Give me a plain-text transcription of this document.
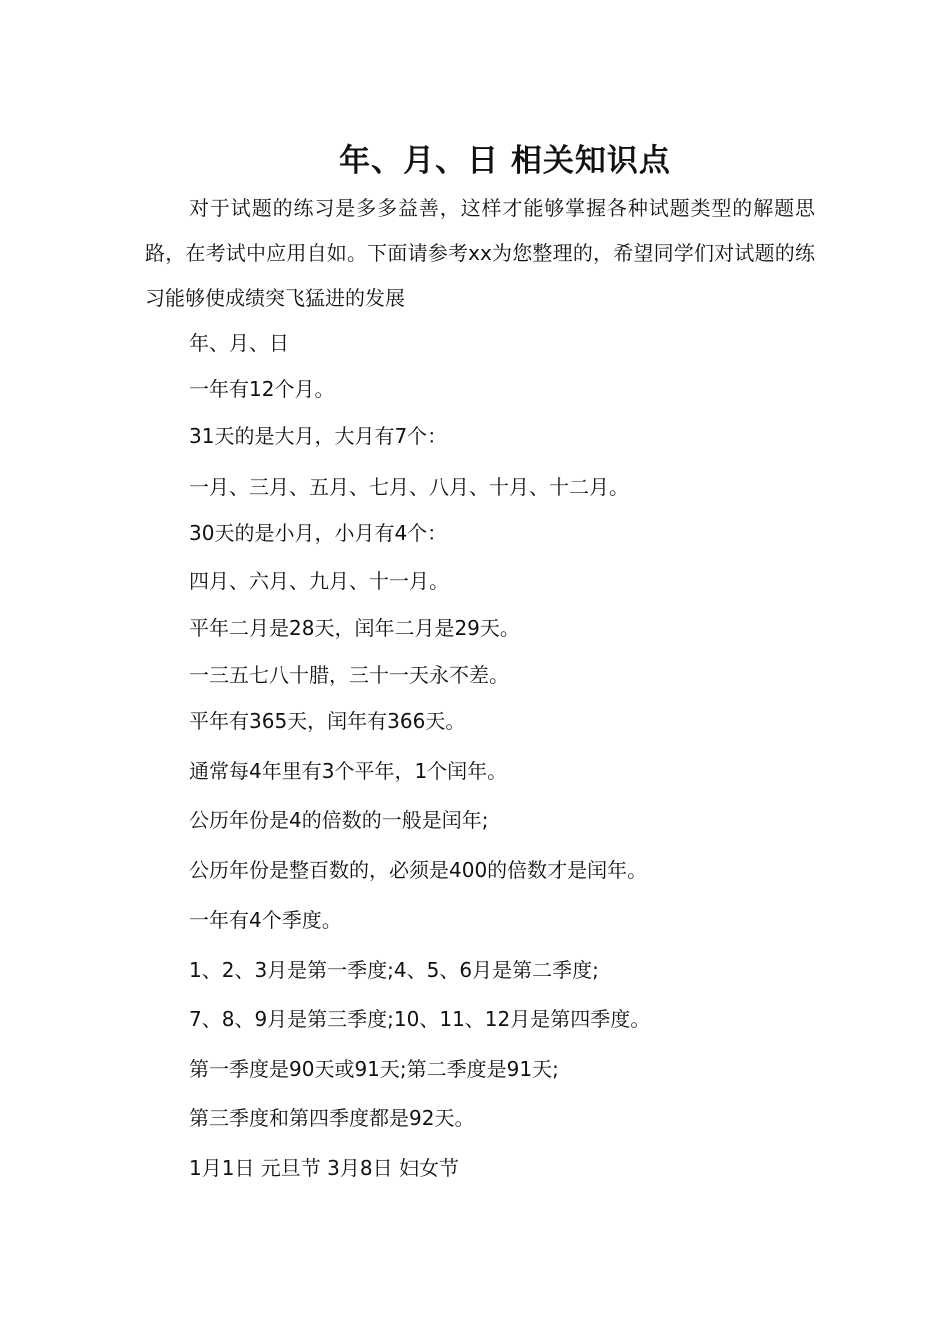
年、月、日 相关知识点

对于试题的练习是多多益善，这样才能够掌握各种试题类型的解题思路，在考试中应用自如。下面请参考xx为您整理的，希望同学们对试题的练习能够使成绩突飞猛进的发展

年、月、日

一年有12个月。

31天的是大月，大月有7个：

一月、三月、五月、七月、八月、十月、十二月。

30天的是小月，小月有4个：

四月、六月、九月、十一月。

平年二月是28天，闰年二月是29天。

一三五七八十腊，三十一天永不差。

平年有365天，闰年有366天。

通常每4年里有3个平年，1个闰年。

公历年份是4的倍数的一般是闰年;

公历年份是整百数的，必须是400的倍数才是闰年。

一年有4个季度。

1、2、3月是第一季度;4、5、6月是第二季度;

7、8、9月是第三季度;10、11、12月是第四季度。

第一季度是90天或91天;第二季度是91天;

第三季度和第四季度都是92天。

1月1日 元旦节 3月8日 妇女节
